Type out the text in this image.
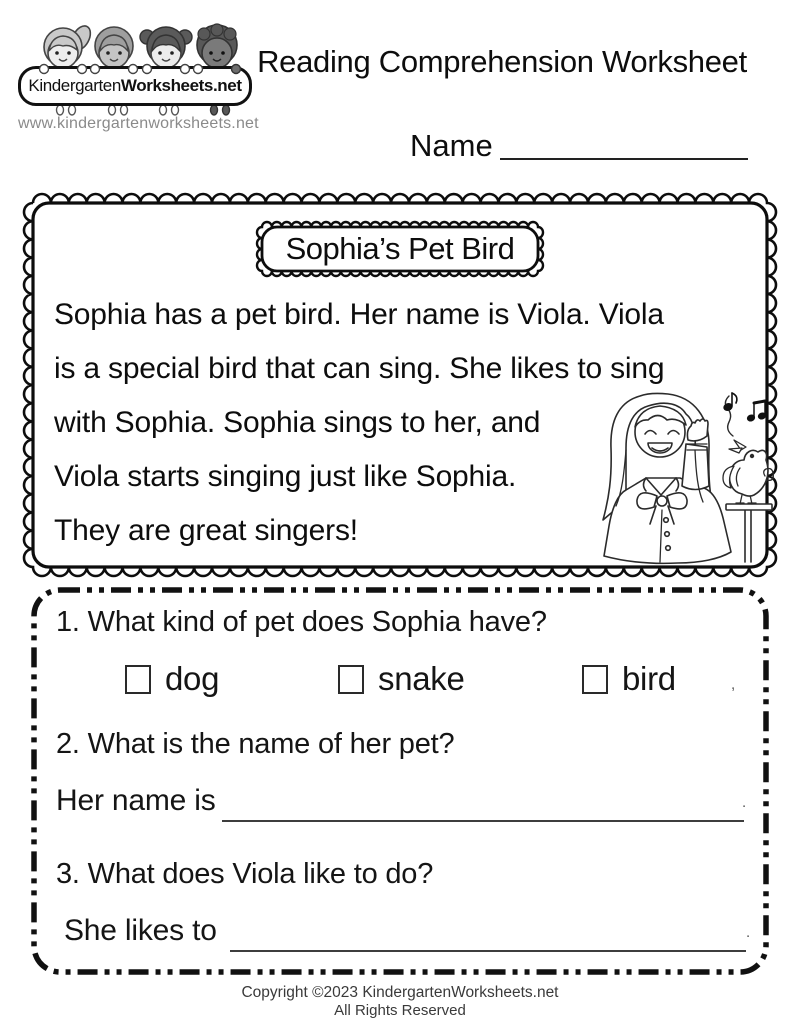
Kindergarten Worksheets.net
www.kindergartenworksheets.net
Reading Comprehension Worksheet
Name
Sophia’s Pet Bird
Sophia has a pet bird. Her name is Viola. Viola
is a special bird that can sing. She likes to sing
with Sophia. Sophia sings to her, and
Viola starts singing just like Sophia.
They are great singers!
1. What kind of pet does Sophia have?
dog	snake	bird	,
2. What is the name of her pet?
Her name is	.
3. What does Viola like to do?
She likes to	.
Copyright ©2023 KindergartenWorksheets.net
All Rights Reserved
